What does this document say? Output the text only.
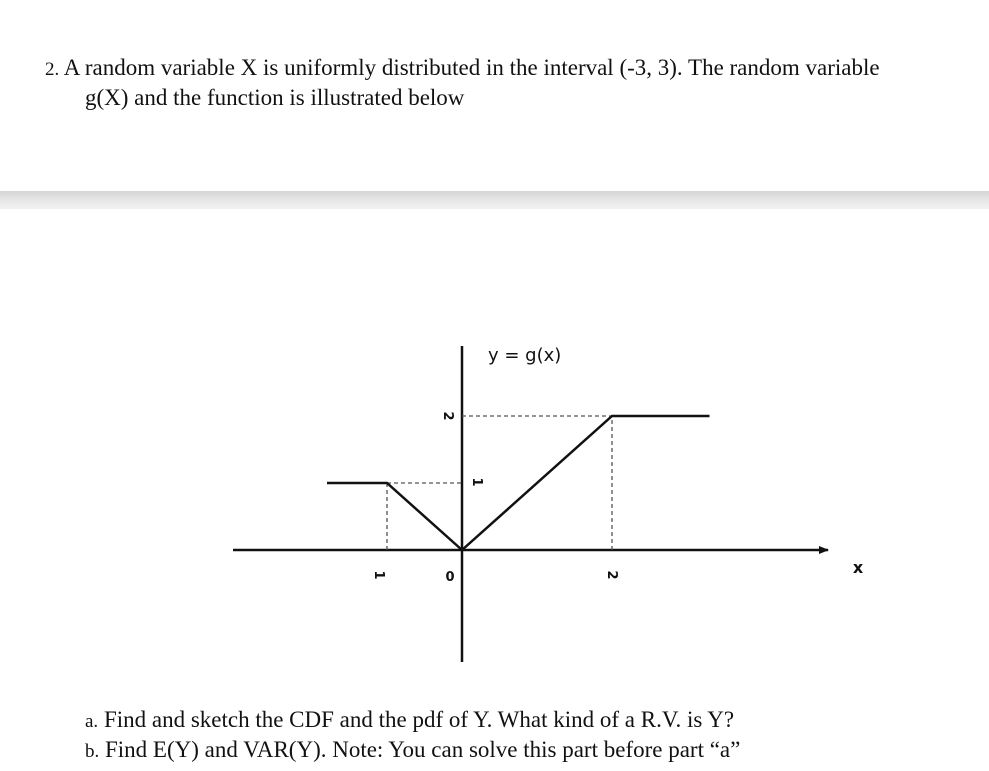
2. A random variable X is uniformly distributed in the interval (-3, 3). The random variable
g(X) and the function is illustrated below
y = g(x)
1	0	2
2
1
x
a. Find and sketch the CDF and the pdf of Y. What kind of a R.V. is Y?
b. Find E(Y) and VAR(Y). Note: You can solve this part before part “a”
